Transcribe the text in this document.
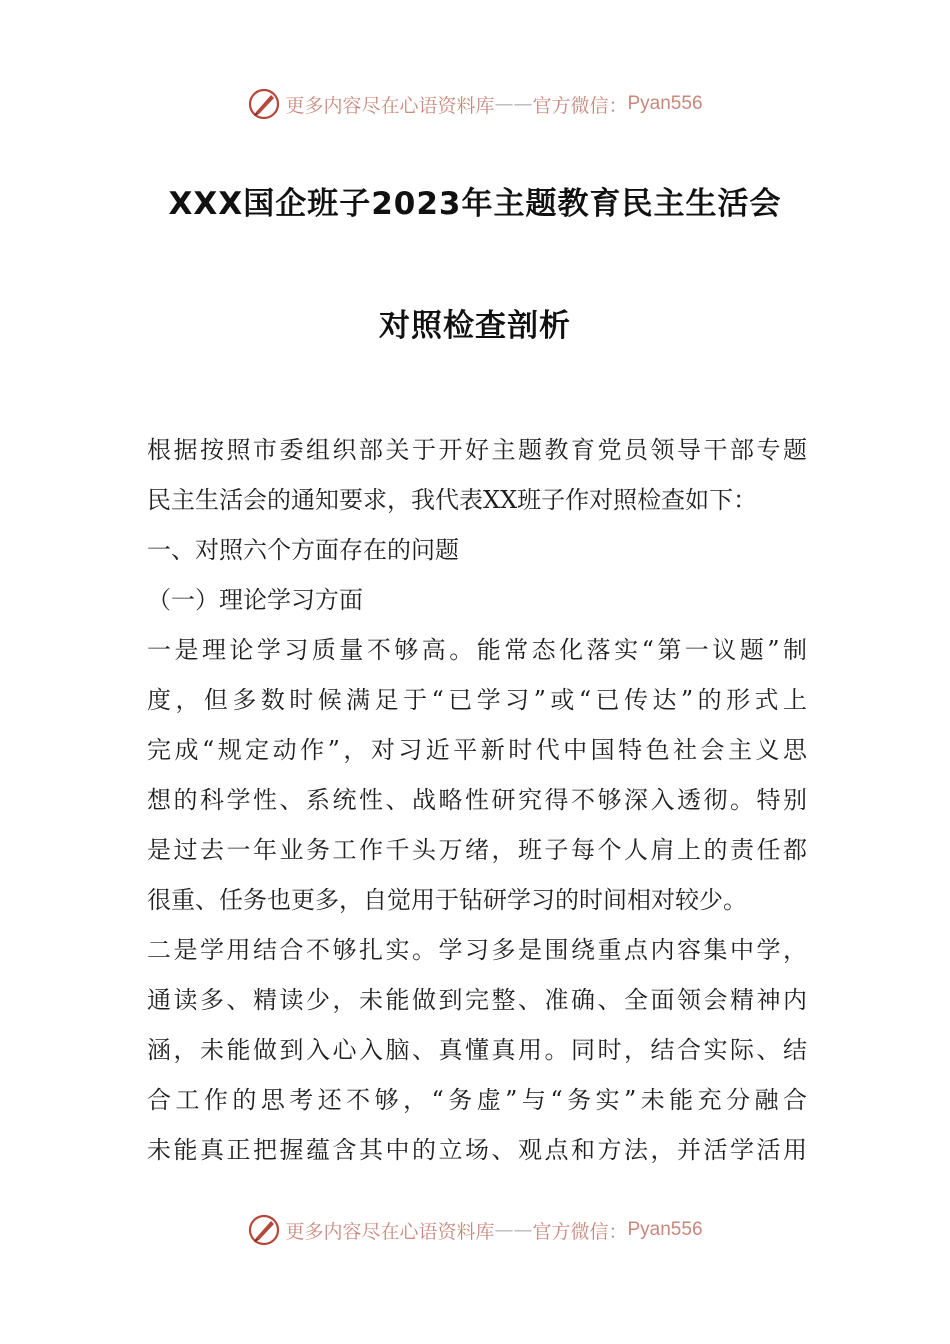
更多内容尽在心语资料库 —— 官方微信： Pyan556
XXX国企班子2023年主题教育民主生活会
对照检查剖析
根据按照市委组织部关于开好主题教育党员领导干部专题
民主生活会的通知要求，我代表XX班子作对照检查如下：
一、对照六个方面存在的问题
（一）理论学习方面
一是理论学习质量不够高。能常态化落实“第一议题”制
度，但多数时候满足于“已学习”或“已传达”的形式上
完成“规定动作”，对习近平新时代中国特色社会主义思
想的科学性、系统性、战略性研究得不够深入透彻。特别
是过去一年业务工作千头万绪，班子每个人肩上的责任都
很重、任务也更多，自觉用于钻研学习的时间相对较少。
二是学用结合不够扎实。学习多是围绕重点内容集中学，
通读多、精读少，未能做到完整、准确、全面领会精神内
涵，未能做到入心入脑、真懂真用。同时，结合实际、结
合工作的思考还不够，“务虚”与“务实”未能充分融合
未能真正把握蕴含其中的立场、观点和方法，并活学活用
更多内容尽在心语资料库 —— 官方微信： Pyan556
